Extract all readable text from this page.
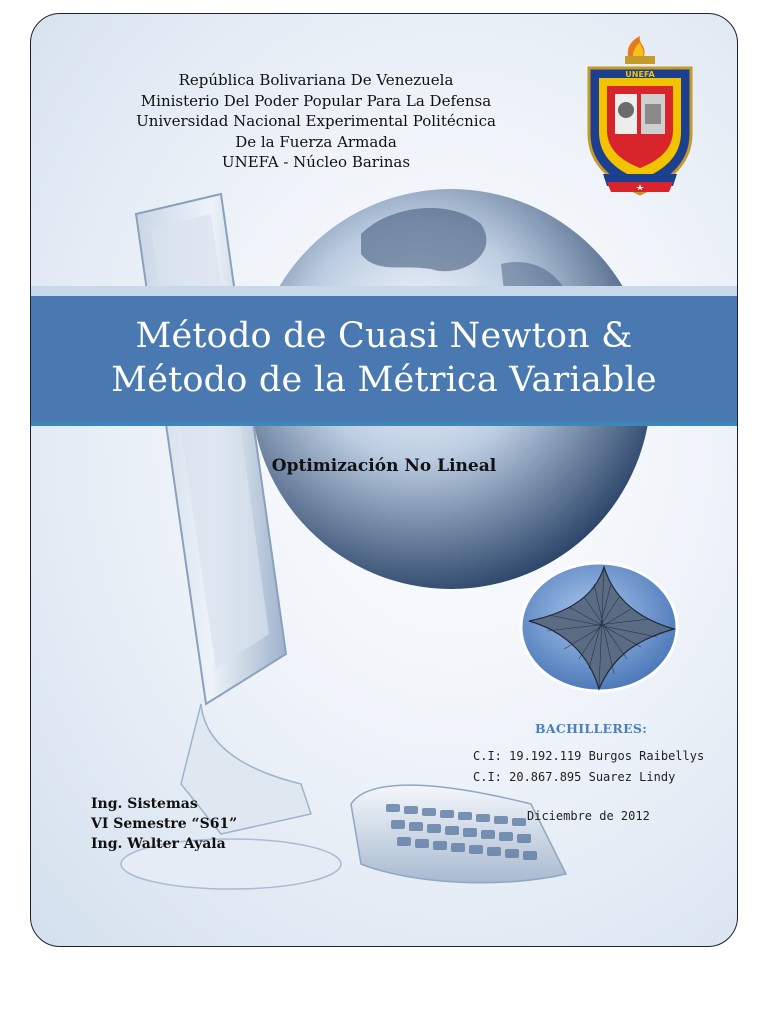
República Bolivariana De Venezuela
Ministerio Del Poder Popular Para La Defensa
Universidad Nacional Experimental Politécnica
De la Fuerza Armada
UNEFA - Núcleo Barinas
UNEFA
Método de Cuasi Newton &
Método de la Métrica Variable
Optimización No Lineal
BACHILLERES:
C.I: 19.192.119 Burgos Raibellys
C.I: 20.867.895 Suarez Lindy
Diciembre de 2012
Ing. Sistemas
VI Semestre “S61”
Ing. Walter Ayala
